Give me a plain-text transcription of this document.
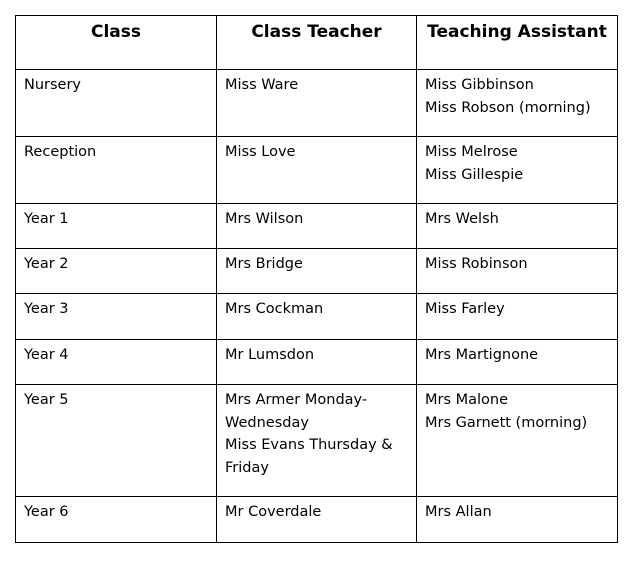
Class	Class Teacher	Teaching Assistant
Nursery	Miss Ware	Miss Gibbinson
Miss Robson (morning)

Reception	Miss Love	Miss Melrose
Miss Gillespie

Year 1	Mrs Wilson	Mrs Welsh

Year 2	Mrs Bridge	Miss Robinson

Year 3	Mrs Cockman	Miss Farley

Year 4	Mr Lumsdon	Mrs Martignone

Year 5	Mrs Armer Monday-Wednesday
Miss Evans Thursday & Friday	Mrs Malone
Mrs Garnett (morning)

Year 6	Mr Coverdale	Mrs Allan
